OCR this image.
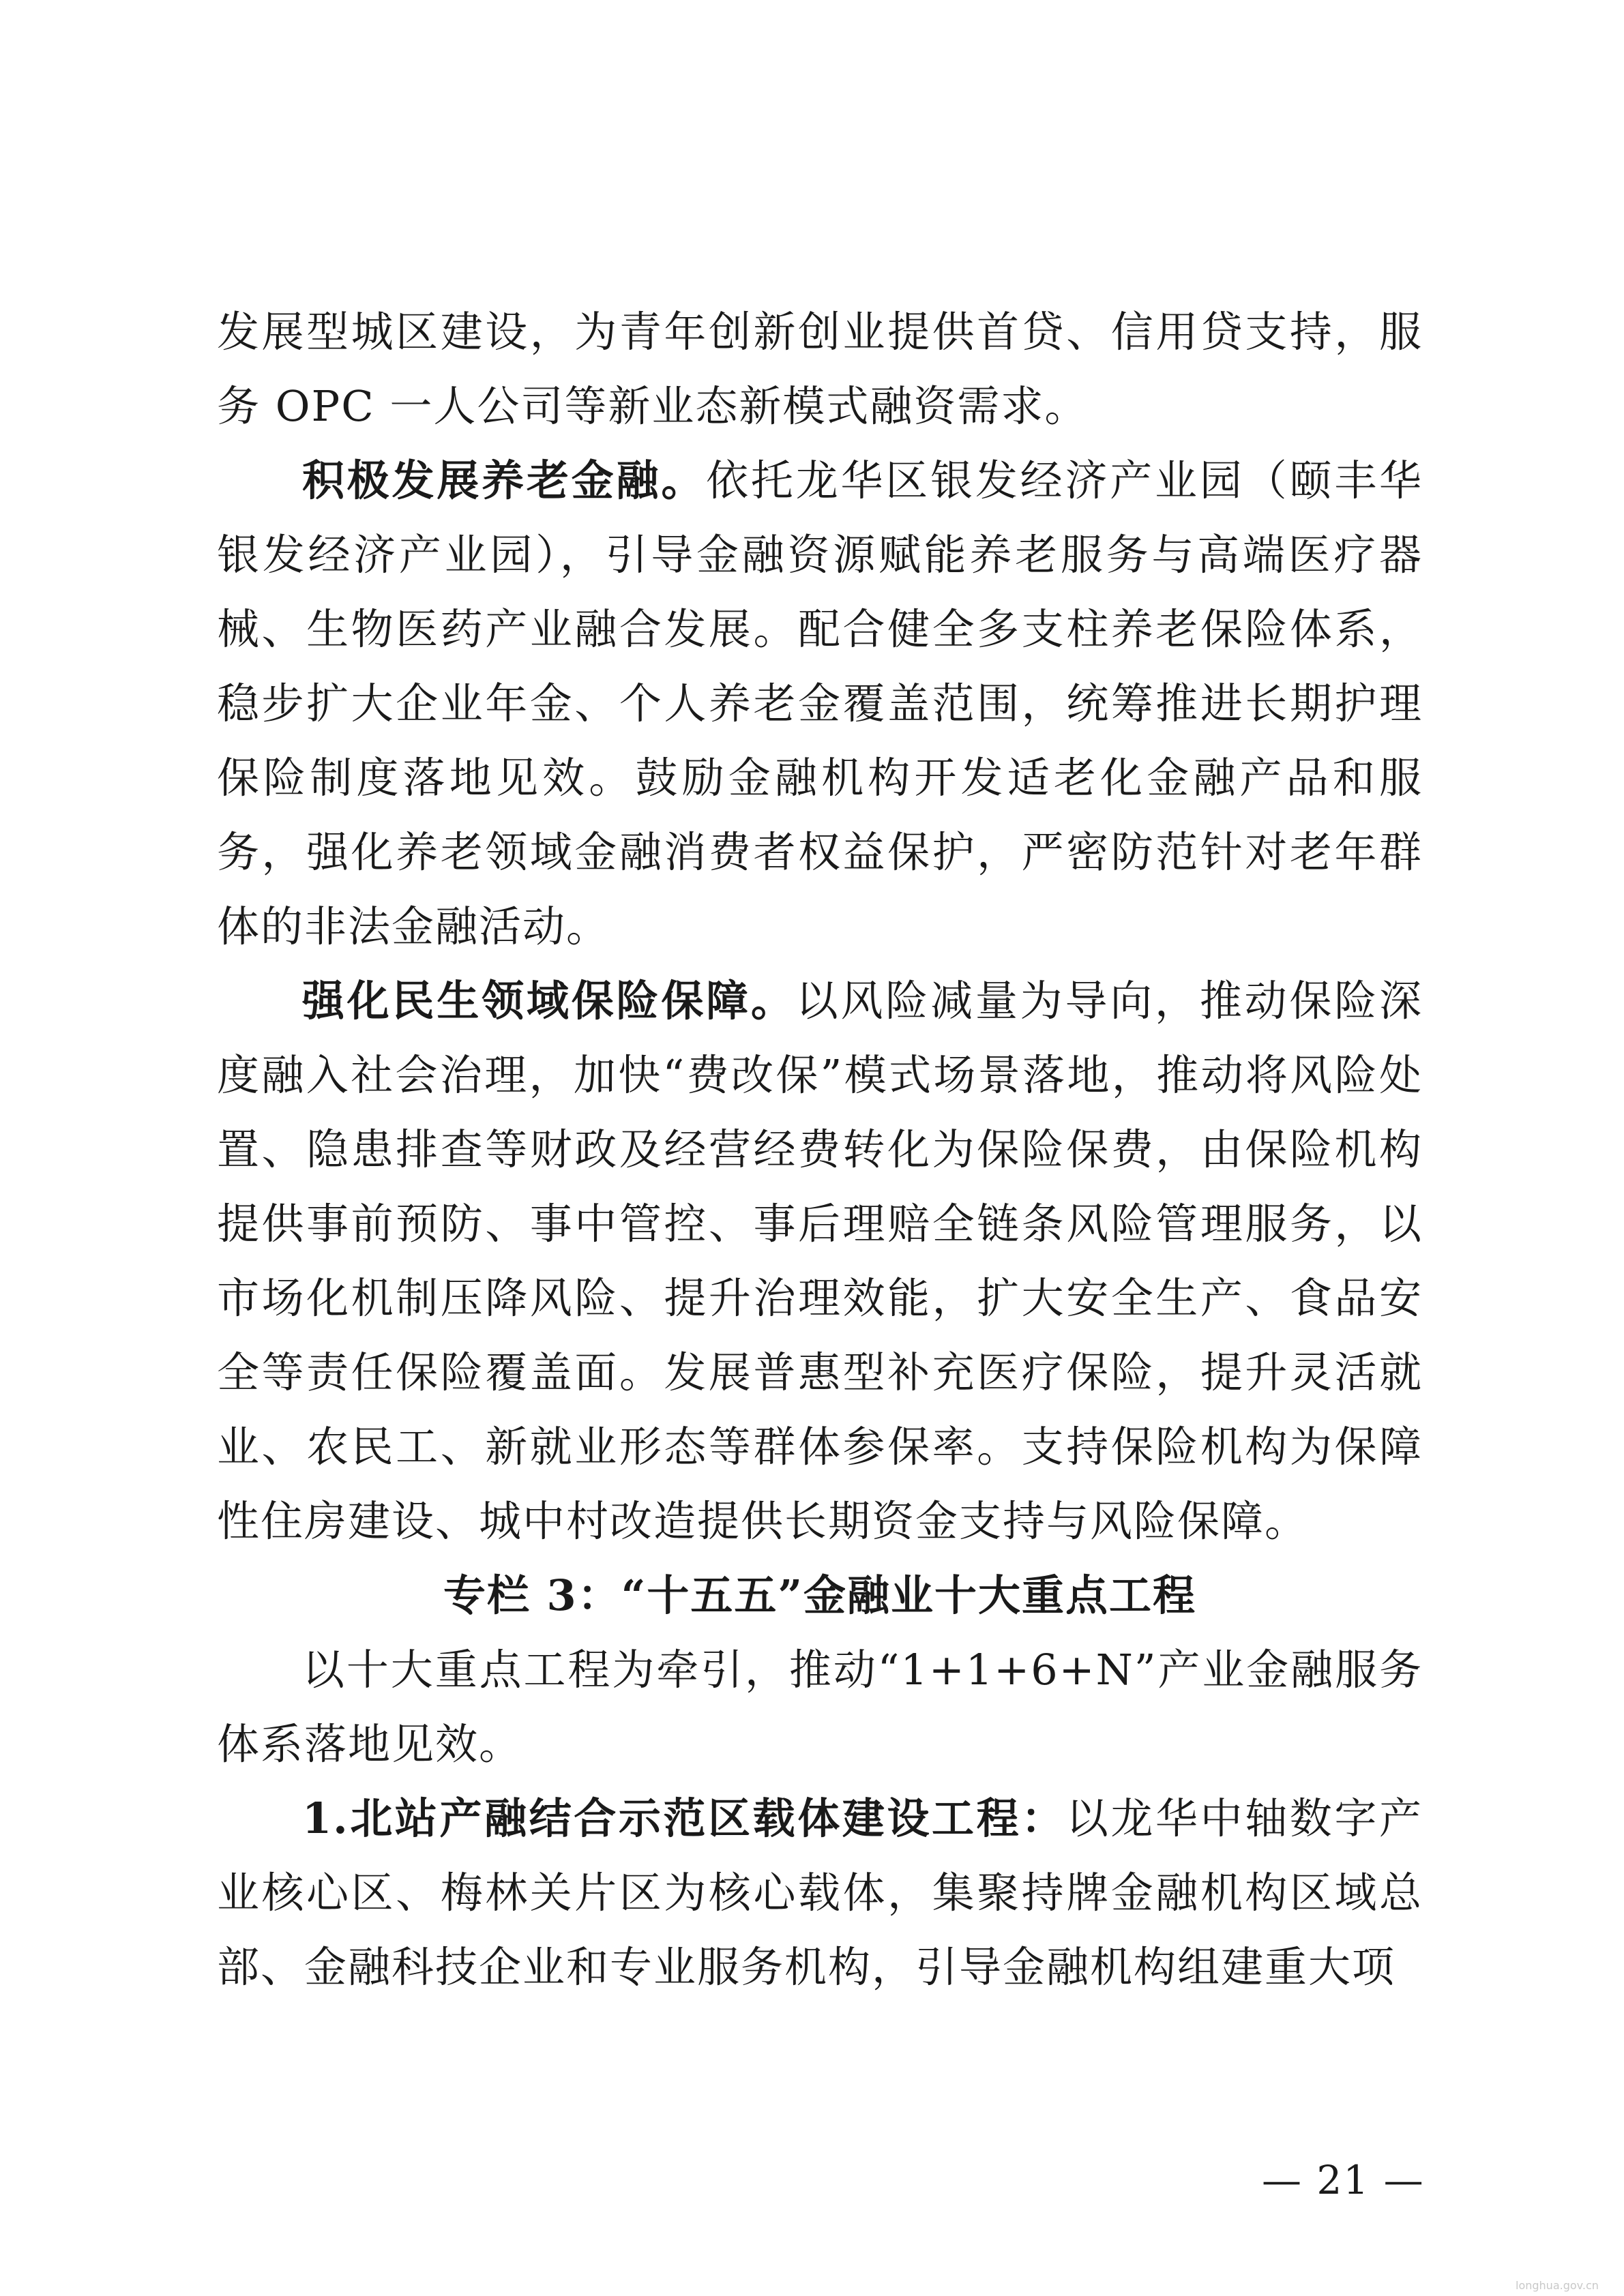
发展型城区建设，为青年创新创业提供首贷、信用贷支持，服务 OPC 一人公司等新业态新模式融资需求。

积极发展养老金融。依托龙华区银发经济产业园（颐丰华银发经济产业园），引导金融资源赋能养老服务与高端医疗器械、生物医药产业融合发展。配合健全多支柱养老保险体系，稳步扩大企业年金、个人养老金覆盖范围，统筹推进长期护理保险制度落地见效。鼓励金融机构开发适老化金融产品和服务，强化养老领域金融消费者权益保护，严密防范针对老年群体的非法金融活动。

强化民生领域保险保障。以风险减量为导向，推动保险深度融入社会治理，加快“费改保”模式场景落地，推动将风险处置、隐患排查等财政及经营经费转化为保险保费，由保险机构提供事前预防、事中管控、事后理赔全链条风险管理服务，以市场化机制压降风险、提升治理效能，扩大安全生产、食品安全等责任保险覆盖面。发展普惠型补充医疗保险，提升灵活就业、农民工、新就业形态等群体参保率。支持保险机构为保障性住房建设、城中村改造提供长期资金支持与风险保障。

专栏 3：“十五五”金融业十大重点工程

以十大重点工程为牵引，推动“1+1+6+N”产业金融服务体系落地见效。

1.北站产融结合示范区载体建设工程：以龙华中轴数字产业核心区、梅林关片区为核心载体，集聚持牌金融机构区域总部、金融科技企业和专业服务机构，引导金融机构组建重大项

— 21 —
longhua.gov.cn
